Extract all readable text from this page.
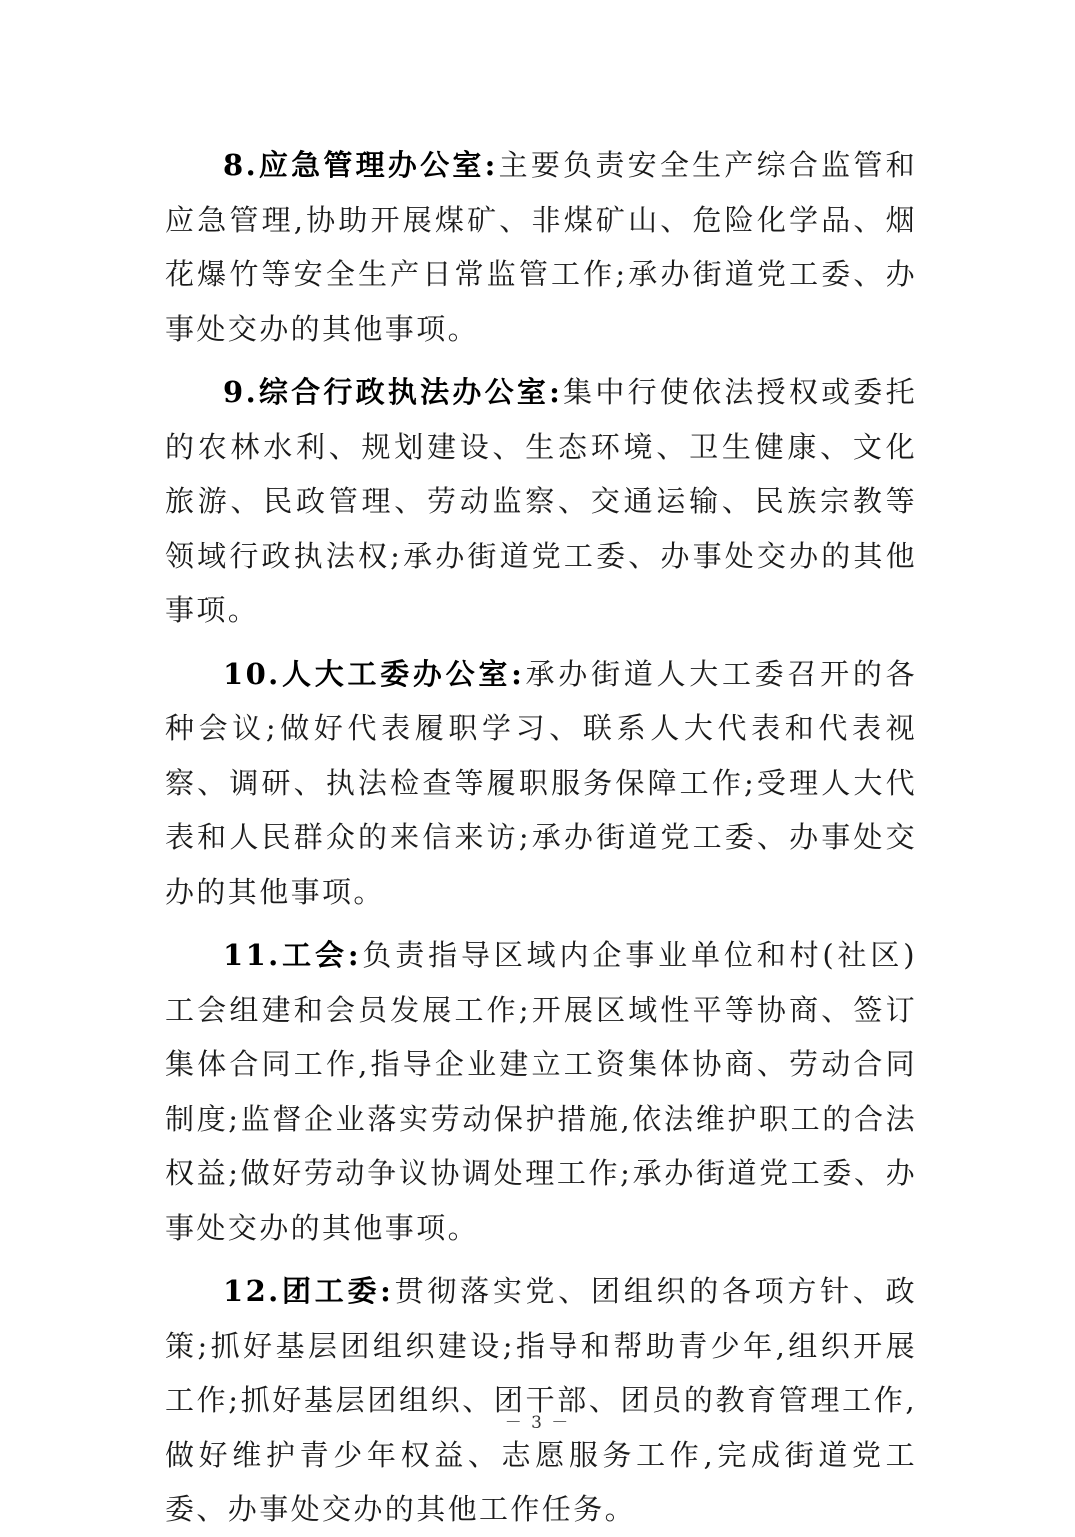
8.应急管理办公室:主要负责安全生产综合监管和应急管理,协助开展煤矿、非煤矿山、危险化学品、烟花爆竹等安全生产日常监管工作;承办街道党工委、办事处交办的其他事项。

9.综合行政执法办公室:集中行使依法授权或委托的农林水利、规划建设、生态环境、卫生健康、文化旅游、民政管理、劳动监察、交通运输、民族宗教等领域行政执法权;承办街道党工委、办事处交办的其他事项。

10.人大工委办公室:承办街道人大工委召开的各种会议;做好代表履职学习、联系人大代表和代表视察、调研、执法检查等履职服务保障工作;受理人大代表和人民群众的来信来访;承办街道党工委、办事处交办的其他事项。

11.工会:负责指导区域内企事业单位和村(社区)工会组建和会员发展工作;开展区域性平等协商、签订集体合同工作,指导企业建立工资集体协商、劳动合同制度;监督企业落实劳动保护措施,依法维护职工的合法权益;做好劳动争议协调处理工作;承办街道党工委、办事处交办的其他事项。

12.团工委:贯彻落实党、团组织的各项方针、政策;抓好基层团组织建设;指导和帮助青少年,组织开展工作;抓好基层团组织、团干部、团员的教育管理工作,做好维护青少年权益、志愿服务工作,完成街道党工委、办事处交办的其他工作任务。

－ 3 －
